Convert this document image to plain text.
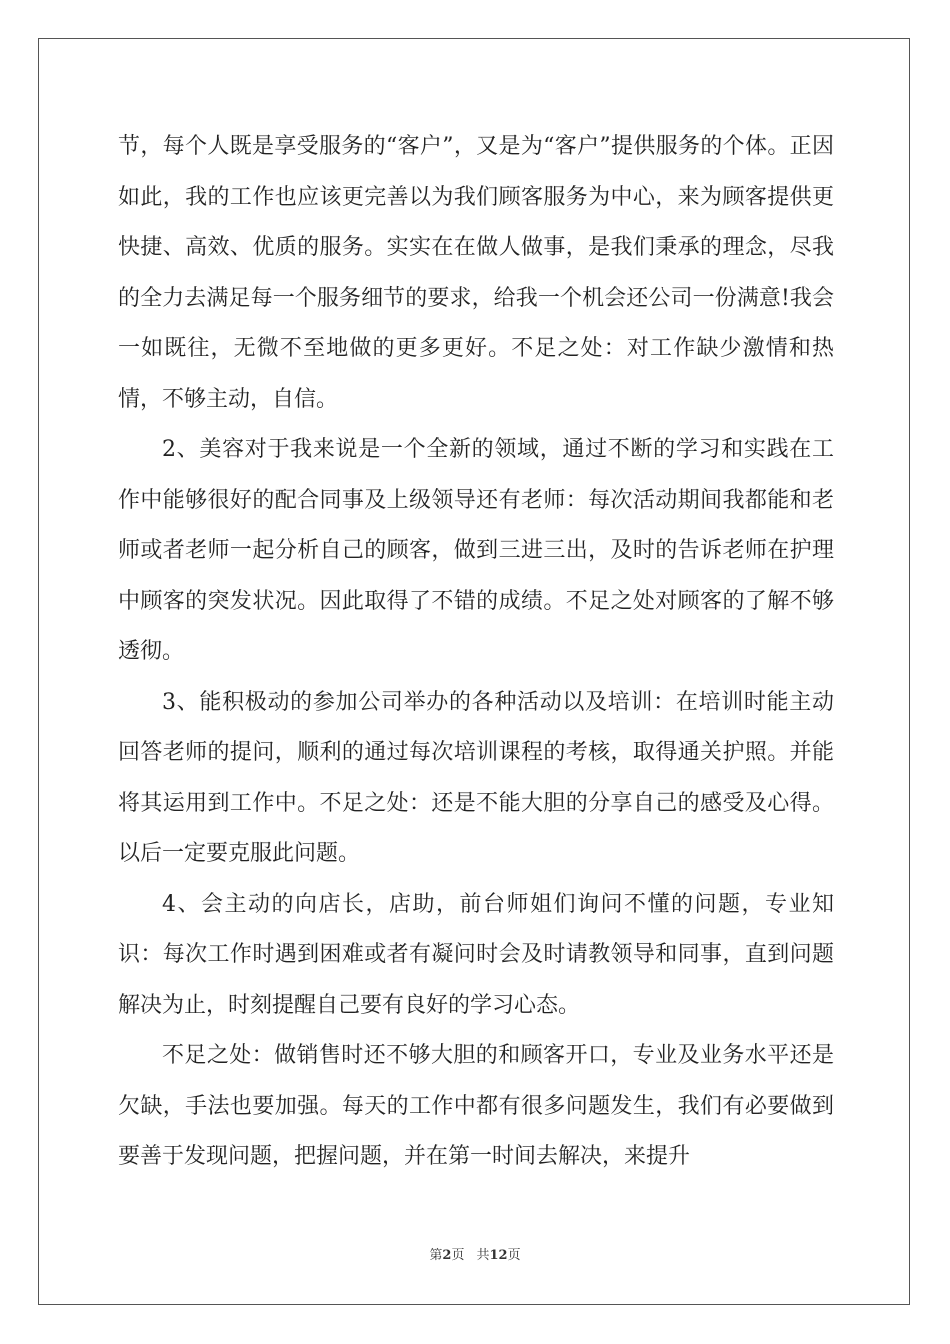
节，每个人既是享受服务的“客户”，又是为“客户”提供服务的个体。正因如此，我的工作也应该更完善以为我们顾客服务为中心，来为顾客提供更快捷、高效、优质的服务。实实在在做人做事，是我们秉承的理念，尽我的全力去满足每一个服务细节的要求，给我一个机会还公司一份满意!我会一如既往，无微不至地做的更多更好。不足之处：对工作缺少激情和热情，不够主动，自信。

2、美容对于我来说是一个全新的领域，通过不断的学习和实践在工作中能够很好的配合同事及上级领导还有老师：每次活动期间我都能和老师或者老师一起分析自己的顾客，做到三进三出，及时的告诉老师在护理中顾客的突发状况。因此取得了不错的成绩。不足之处对顾客的了解不够透彻。

3、能积极动的参加公司举办的各种活动以及培训：在培训时能主动回答老师的提问，顺利的通过每次培训课程的考核，取得通关护照。并能将其运用到工作中。不足之处：还是不能大胆的分享自己的感受及心得。以后一定要克服此问题。

4、会主动的向店长，店助，前台师姐们询问不懂的问题，专业知识：每次工作时遇到困难或者有凝问时会及时请教领导和同事，直到问题解决为止，时刻提醒自己要有良好的学习心态。

不足之处：做销售时还不够大胆的和顾客开口，专业及业务水平还是欠缺，手法也要加强。每天的工作中都有很多问题发生，我们有必要做到要善于发现问题，把握问题，并在第一时间去解决，来提升

第2页 共12页
